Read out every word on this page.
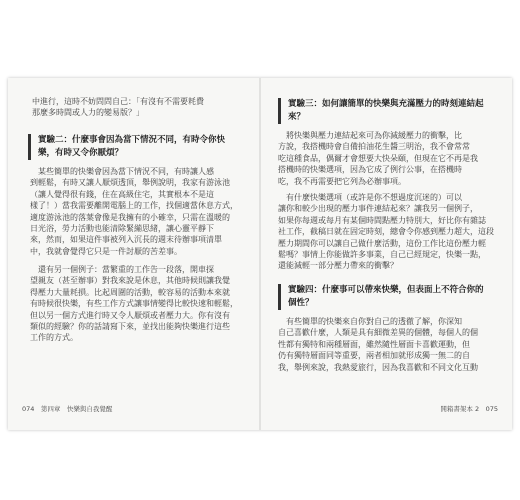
中進行，這時不妨問問自己：「有沒有不需要耗費
那麼多時間或人力的變易版？」
實驗二：什麼事會因為當下情況不同，有時令你快
樂，有時又令你厭煩？
　某些簡單的快樂會因為當下情況不同，有時讓人感
到輕鬆，有時又讓人厭煩透頂，舉例說明，我家有游泳池
（讓人覺得很有錢，住在高級住宅，其實根本不是這
樣了！）當我需要離開電腦上的工作，找個適當休息方式，
適度游泳池的落葉會像是我擁有的小確幸，只需在溫暖的
日光浴，勞力活動也能清除緊繃思緒，讓心靈平靜下
來，然而，如果這件事被列入沉長的週末待辦事項清單
中，我就會覺得它只是一件討厭的苦差事。
　還有另一個例子：當繁重的工作告一段落，開車探
望親友（甚至辦事）對我來說是休息，其他時候則讓我覺
得壓力大量耗損。比起周圍的活動，較容易的活動本來就
有時候很快樂，有些工作方式讓事情變得比較快速和輕鬆，
但以另一個方式進行時又令人厭煩或者壓力大。你有沒有
類似的經驗？你的話請寫下來，並找出能夠快樂進行這些
工作的方式。
074　第四章　快樂與自我覺醒
實驗三：如何讓簡單的快樂與充滿壓力的時刻連結起
來？
　將快樂與壓力連結起來可為你減緩壓力的衝擊，比
方說，我搭機時會自備拍油花生醬三明治，我不會常常
吃這種食品，偶爾才會想要大快朵頤，但現在它不再是我
搭機時的快樂選項，因為它成了例行公事，在搭機時
吃，我不再需要把它列為必辦事項。
　有什麼快樂選項（或許是你不想過度沉迷的）可以
讓你和較少出現的壓力事件連結起來？讓我另一個例子，
如果你每週或每月有某個時間點壓力特別大，好比你有雜誌
社工作，截稿日就在固定時刻，總會令你感到壓力超大，這段
壓力期間你可以讓自己做什麼活動，這份工作比這份壓力輕
鬆嗎？事情上你能做許多事業，自己已經規定，快樂一點，
還能減輕一部分壓力帶來的衝擊？
實驗四：什麼事可以帶來快樂，但表面上不符合你的
個性？
　有些簡單的快樂來自你對自己的透徹了解，你深知
自己喜歡什麼，人類是具有細微差異的個體，每個人的個
性都有獨特和兩種層面，雖然隨性層面卡喜歡運動，但
仍有獨特層面同等重要，兩者相加就形成獨一無二的自
我，舉例來說，我熱愛旅行，因為我喜歡和不同文化互動
開箱書架本 2　075
